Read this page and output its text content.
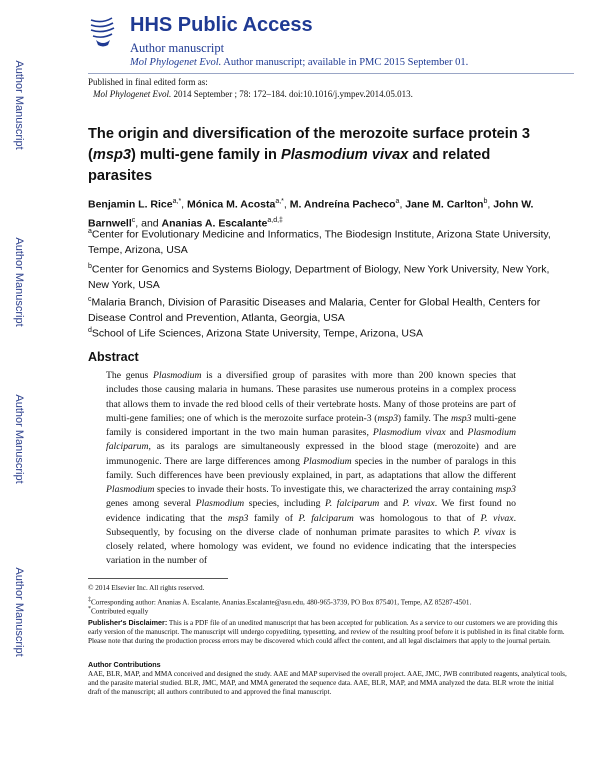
Author Manuscript
Author Manuscript
Author Manuscript
Author Manuscript
HHS Public Access
Author manuscript
Mol Phylogenet Evol. Author manuscript; available in PMC 2015 September 01.
Published in final edited form as:
Mol Phylogenet Evol. 2014 September ; 78: 172–184. doi:10.1016/j.ympev.2014.05.013.
The origin and diversification of the merozoite surface protein 3 (msp3) multi-gene family in Plasmodium vivax and related parasites
Benjamin L. Rice$^{a,*}$, Mónica M. Acosta$^{a,*}$, M. Andreína Pacheco$^a$, Jane M. Carlton$^b$, John W. Barnwell$^c$, and Ananias A. Escalante$^{a,d,\ddagger}$
$^a$Center for Evolutionary Medicine and Informatics, The Biodesign Institute, Arizona State University, Tempe, Arizona, USA
$^b$Center for Genomics and Systems Biology, Department of Biology, New York University, New York, New York, USA
$^c$Malaria Branch, Division of Parasitic Diseases and Malaria, Center for Global Health, Centers for Disease Control and Prevention, Atlanta, Georgia, USA
$^d$School of Life Sciences, Arizona State University, Tempe, Arizona, USA
Abstract
The genus Plasmodium is a diversified group of parasites with more than 200 known species that includes those causing malaria in humans. These parasites use numerous proteins in a complex process that allows them to invade the red blood cells of their vertebrate hosts. Many of those proteins are part of multi-gene families; one of which is the merozoite surface protein-3 (msp3) family. The msp3 multi-gene family is considered important in the two main human parasites, Plasmodium vivax and Plasmodium falciparum, as its paralogs are simultaneously expressed in the blood stage (merozoite) and are immunogenic. There are large differences among Plasmodium species in the number of paralogs in this family. Such differences have been previously explained, in part, as adaptations that allow the different Plasmodium species to invade their hosts. To investigate this, we characterized the array containing msp3 genes among several Plasmodium species, including P. falciparum and P. vivax. We first found no evidence indicating that the msp3 family of P. falciparum was homologous to that of P. vivax. Subsequently, by focusing on the diverse clade of nonhuman primate parasites to which P. vivax is closely related, where homology was evident, we found no evidence indicating that the interspecies variation in the number of
© 2014 Elsevier Inc. All rights reserved.
‡Corresponding author: Ananias A. Escalante, Ananias.Escalante@asu.edu, 480-965-3739, PO Box 875401, Tempe, AZ 85287-4501.
*Contributed equally
Publisher's Disclaimer: This is a PDF file of an unedited manuscript that has been accepted for publication. As a service to our customers we are providing this early version of the manuscript. The manuscript will undergo copyediting, typesetting, and review of the resulting proof before it is published in its final citable form. Please note that during the production process errors may be discovered which could affect the content, and all legal disclaimers that apply to the journal pertain.
Author Contributions
AAE, BLR, MAP, and MMA conceived and designed the study. AAE and MAP supervised the overall project. AAE, JMC, JWB contributed reagents, analytical tools, and the parasite material studied. BLR, JMC, MAP, and MMA generated the sequence data. AAE, BLR, MAP, and MMA analyzed the data. BLR wrote the initial draft of the manuscript; all authors contributed to and approved the final manuscript.
